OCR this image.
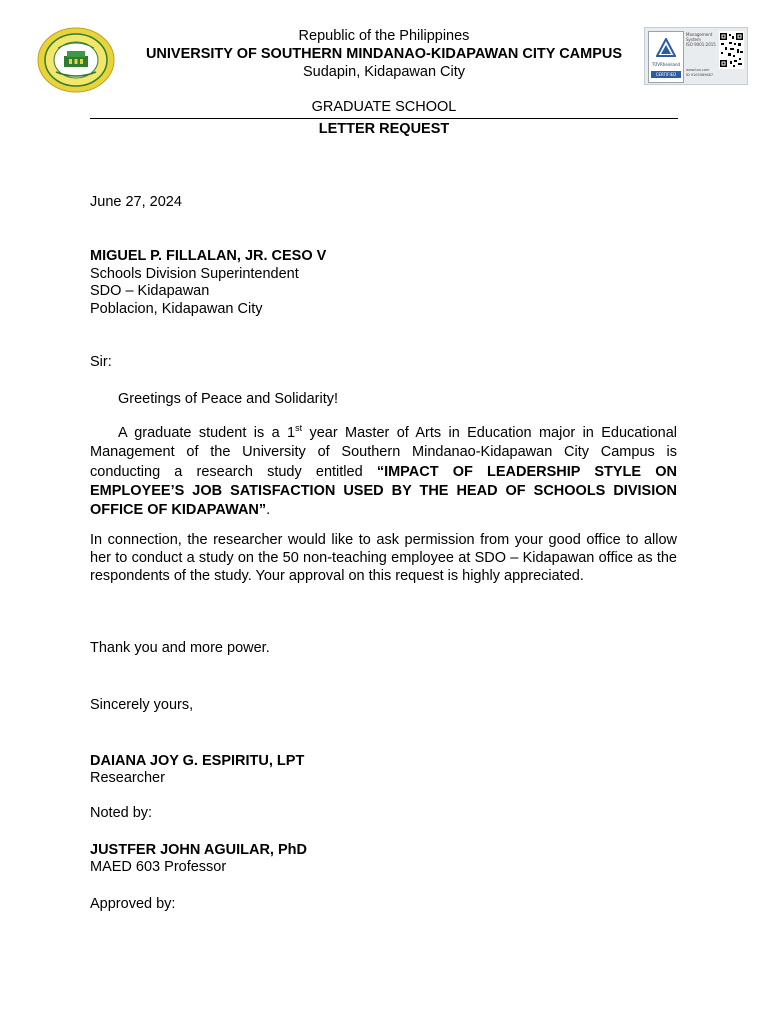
Republic of the Philippines
UNIVERSITY OF SOUTHERN MINDANAO-KIDAPAWAN CITY CAMPUS
Sudapin, Kidapawan City	TÜVRheinland
CERTIFIED
Management System
ISO 9001:2015
www.tuv.com
ID 9105085687
GRADUATE SCHOOL
LETTER REQUEST
June 27, 2024
MIGUEL P. FILLALAN, JR. CESO V
Schools Division Superintendent
SDO – Kidapawan
Poblacion, Kidapawan City
Sir:
Greetings of Peace and Solidarity!
A graduate student is a 1st year Master of Arts in Education major in Educational Management of the University of Southern Mindanao-Kidapawan City Campus is conducting a research study entitled “IMPACT OF LEADERSHIP STYLE ON EMPLOYEE’S JOB SATISFACTION USED BY THE HEAD OF SCHOOLS DIVISION OFFICE OF KIDAPAWAN”.
In connection, the researcher would like to ask permission from your good office to allow her to conduct a study on the 50 non-teaching employee at SDO – Kidapawan office as the respondents of the study. Your approval on this request is highly appreciated.
Thank you and more power.
Sincerely yours,
DAIANA JOY G. ESPIRITU, LPT
Researcher
Noted by:
JUSTFER JOHN AGUILAR, PhD
MAED 603 Professor
Approved by:
